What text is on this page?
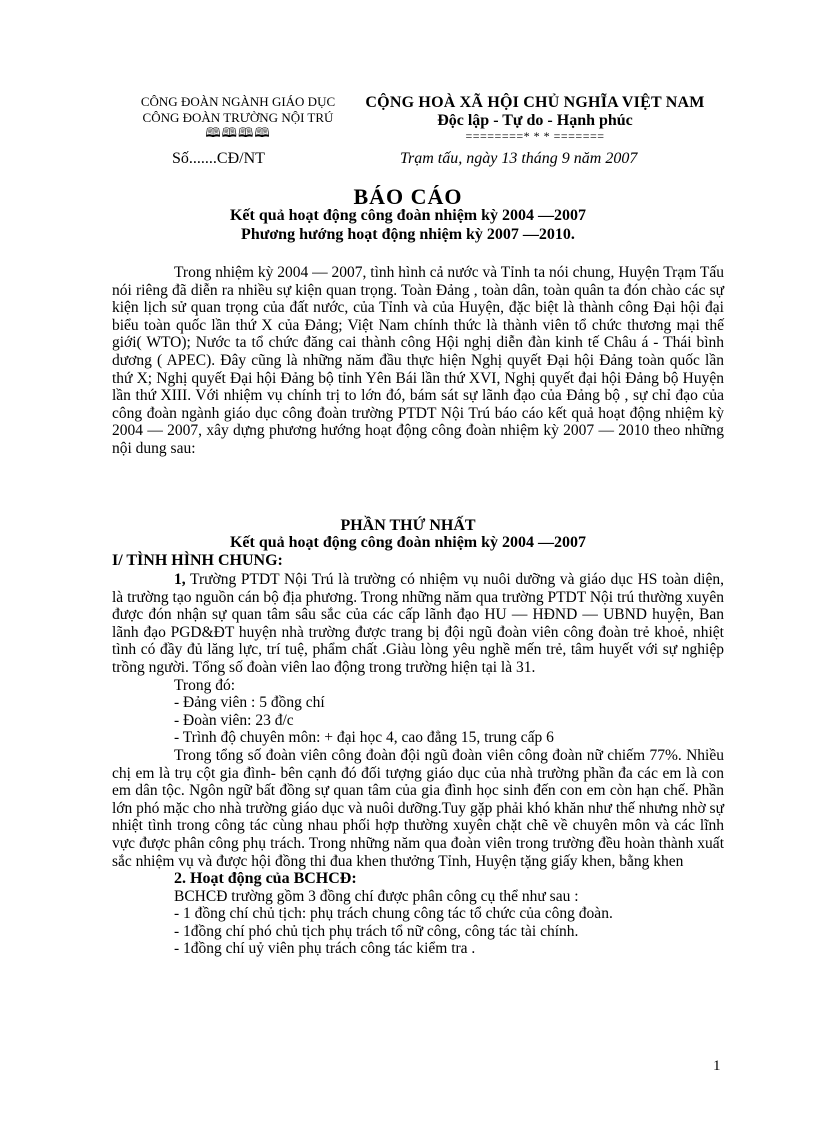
CÔNG ĐOÀN NGÀNH GIÁO DỤC
CÔNG ĐOÀN TRƯỜNG NỘI TRÚ
🕮🕮🕮🕮
CỘNG HOÀ XÃ HỘI CHỦ NGHĨA VIỆT NAM
Độc lập - Tự do - Hạnh phúc
========* * * =======
Số.......CĐ/NT	Trạm tấu, ngày 13 tháng 9 năm 2007
BÁO CÁO
Kết quả hoạt động công đoàn nhiệm kỳ 2004 —2007
Phương hướng hoạt động nhiệm kỳ 2007 —2010.
Trong nhiệm kỳ 2004 — 2007, tình hình cả nước và Tỉnh ta nói chung, Huyện Trạm Tấu nói riêng đã diễn ra nhiều sự kiện quan trọng. Toàn Đảng , toàn dân, toàn quân ta đón chào các sự kiện lịch sử quan trọng của đất nước, của Tỉnh và của Huyện, đặc biệt là thành công Đại hội đại biểu toàn quốc lần thứ X của Đảng; Việt Nam chính thức là thành viên tổ chức thương mại thế giới( WTO); Nước ta tổ chức đăng cai thành công Hội nghị diễn đàn kinh tế Châu á - Thái bình dương ( APEC). Đây cũng là những năm đầu thực hiện Nghị quyết Đại hội Đảng toàn quốc lần thứ X; Nghị quyết Đại hội Đảng bộ tỉnh Yên Bái lần thứ XVI, Nghị quyết đại hội Đảng bộ Huyện lần thứ XIII. Với nhiệm vụ chính trị to lớn đó, bám sát sự lãnh đạo của Đảng bộ , sự chỉ đạo của công đoàn ngành giáo dục công đoàn trường PTDT Nội Trú báo cáo kết quả hoạt động nhiệm kỳ 2004 — 2007, xây dựng phương hướng hoạt động công đoàn nhiệm kỳ 2007 — 2010 theo những nội dung sau:
PHẦN THỨ NHẤT
Kết quả hoạt động công đoàn nhiệm kỳ 2004 —2007
I/ TÌNH HÌNH CHUNG:

1, Trường PTDT Nội Trú là trường có nhiệm vụ nuôi dưỡng và giáo dục HS toàn diện, là trường tạo nguồn cán bộ địa phương. Trong những năm qua trường PTDT Nội trú thường xuyên được đón nhận sự quan tâm sâu sắc của các cấp lãnh đạo HU — HĐND — UBND huyện, Ban lãnh đạo PGD&ĐT huyện nhà trường được trang bị đội ngũ đoàn viên công đoàn trẻ khoẻ, nhiệt tình có đầy đủ lăng lực, trí tuệ, phẩm chất .Giàu lòng yêu nghề mến trẻ, tâm huyết với sự nghiệp trồng người. Tổng số đoàn viên lao động trong trường hiện tại là 31.

Trong đó:

- Đảng viên : 5 đồng chí

- Đoàn viên: 23 đ/c

- Trình độ chuyên môn: + đại học 4, cao đẳng 15, trung cấp 6

Trong tổng số đoàn viên công đoàn đội ngũ đoàn viên công đoàn nữ chiếm 77%. Nhiều chị em là trụ cột gia đình- bên cạnh đó đối tượng giáo dục của nhà trường phần đa các em là con em dân tộc. Ngôn ngữ bất đồng sự quan tâm của gia đình học sinh đến con em còn hạn chế. Phần lớn phó mặc cho nhà trường giáo dục và nuôi dưỡng.Tuy gặp phải khó khăn như thế nhưng nhờ sự nhiệt tình trong công tác cùng nhau phối hợp thường xuyên chặt chẽ về chuyên môn và các lĩnh vực được phân công phụ trách. Trong những năm qua đoàn viên trong trường đều hoàn thành xuất sắc nhiệm vụ và được hội đồng thi đua khen thưởng Tỉnh, Huyện tặng giấy khen, bằng khen

2. Hoạt động của BCHCĐ:

BCHCĐ trường gồm 3 đồng chí được phân công cụ thể như sau :

- 1 đồng chí chủ tịch: phụ trách chung công tác tổ chức của công đoàn.

- 1đồng chí phó chủ tịch phụ trách tổ nữ công, công tác tài chính.

- 1đồng chí uỷ viên phụ trách công tác kiểm tra .

1
